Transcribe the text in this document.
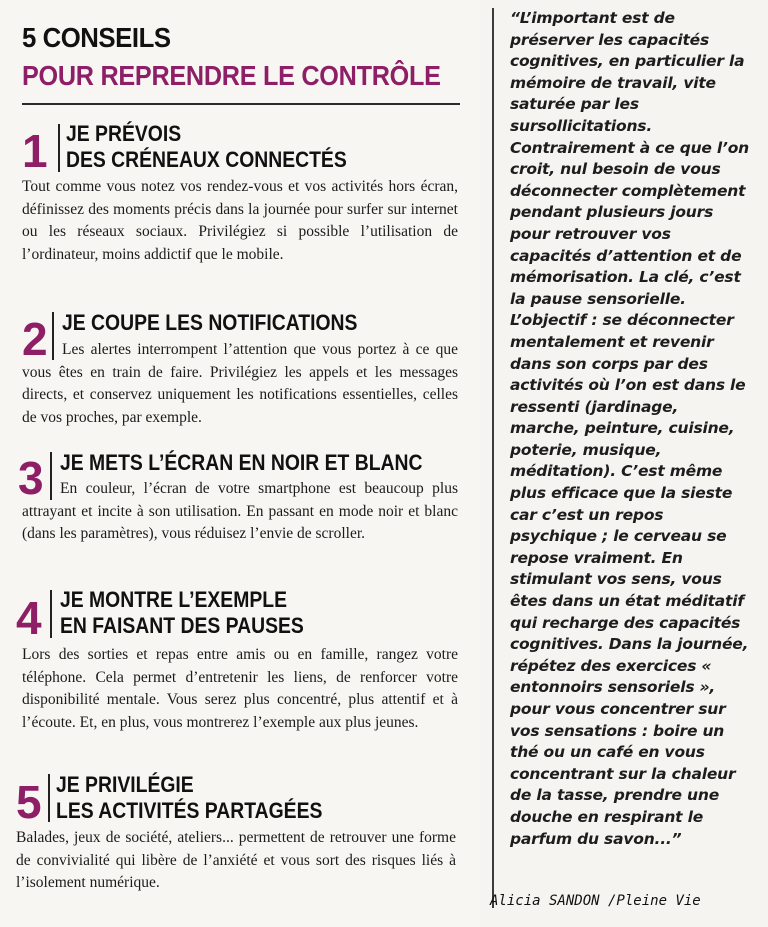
5 CONSEILS
POUR REPRENDRE LE CONTRÔLE
1 JE PRÉVOIS
DES CRÉNEAUX CONNECTÉS
Tout comme vous notez vos rendez-vous et vos activités hors écran, définissez des moments précis dans la journée pour surfer sur internet ou les réseaux sociaux. Privilégiez si possible l’utilisation de l’ordinateur, moins addictif que le mobile.
2 JE COUPE LES NOTIFICATIONS
Les alertes interrompent l’attention que vous portez à ce que vous êtes en train de faire. Privilégiez les appels et les messages directs, et conservez uniquement les notifications essentielles, celles de vos proches, par exemple.
3 JE METS L’ÉCRAN EN NOIR ET BLANC
En couleur, l’écran de votre smartphone est beaucoup plus attrayant et incite à son utilisation. En passant en mode noir et blanc (dans les paramètres), vous réduisez l’envie de scroller.
4 JE MONTRE L’EXEMPLE
EN FAISANT DES PAUSES
Lors des sorties et repas entre amis ou en famille, rangez votre téléphone. Cela permet d’entretenir les liens, de renforcer votre disponibilité mentale. Vous serez plus concentré, plus attentif et à l’écoute. Et, en plus, vous montrerez l’exemple aux plus jeunes.
5 JE PRIVILÉGIE
LES ACTIVITÉS PARTAGÉES
Balades, jeux de société, ateliers... permettent de retrouver une forme de convivialité qui libère de l’anxiété et vous sort des risques liés à l’isolement numérique.
“L’important est de préserver les capacités cognitives, en particulier la mémoire de travail, vite saturée par les sursollicitations. Contrairement à ce que l’on croit, nul besoin de vous déconnecter complètement pendant plusieurs jours pour retrouver vos capacités d’attention et de mémorisation. La clé, c’est la pause sensorielle. L’objectif : se déconnecter mentalement et revenir dans son corps par des activités où l’on est dans le ressenti (jardinage, marche, peinture, cuisine, poterie, musique, méditation). C’est même plus efficace que la sieste car c’est un repos psychique ; le cerveau se repose vraiment. En stimulant vos sens, vous êtes dans un état méditatif qui recharge des capacités cognitives. Dans la journée, répétez des exercices « entonnoirs sensoriels », pour vous concentrer sur vos sensations : boire un thé ou un café en vous concentrant sur la chaleur de la tasse, prendre une douche en respirant le parfum du savon...”
Alicia SANDON /Pleine Vie
